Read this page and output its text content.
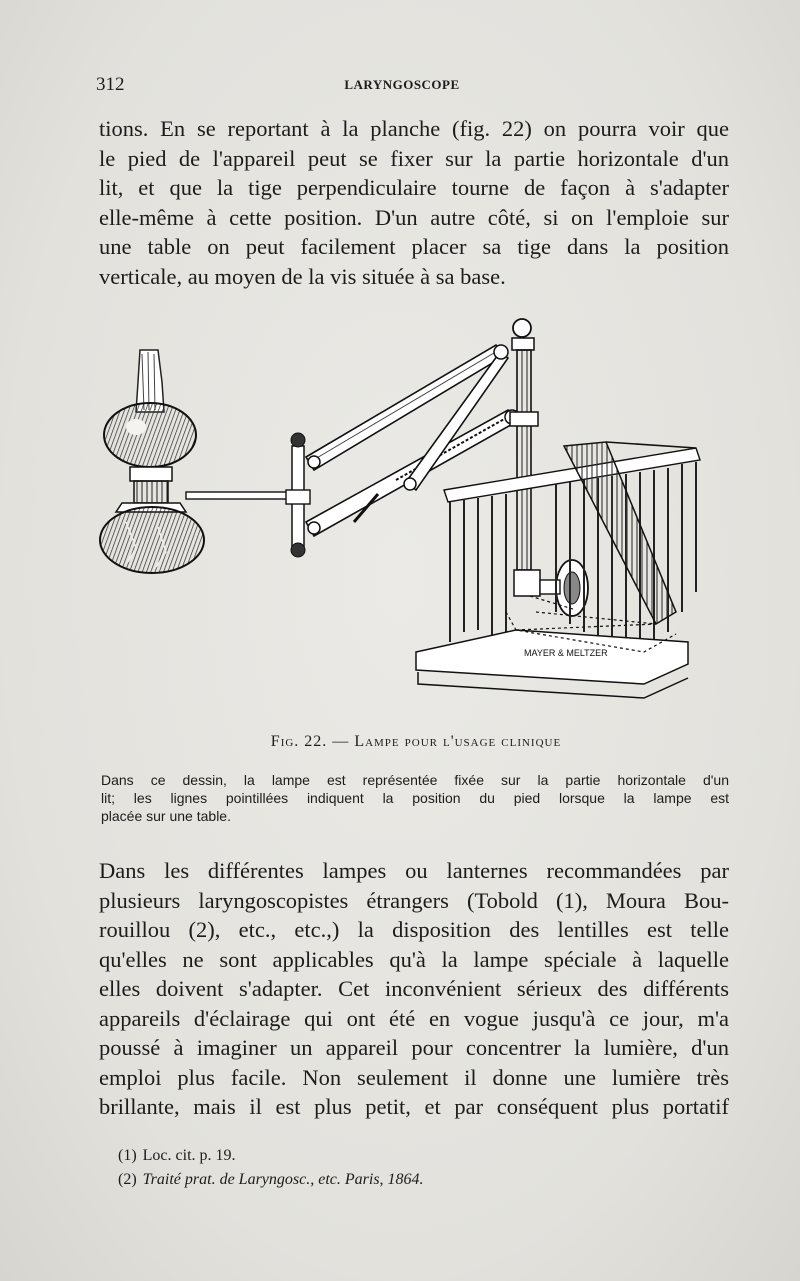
312	LARYNGOSCOPE
tions. En se reportant à la planche (fig. 22) on pourra voir que
le pied de l'appareil peut se fixer sur la partie horizontale d'un
lit, et que la tige perpendiculaire tourne de façon à s'adapter
elle-même à cette position. D'un autre côté, si on l'emploie sur
une table on peut facilement placer sa tige dans la position
verticale, au moyen de la vis située à sa base.
MAYER & MELTZER
Fig. 22. — Lampe pour l'usage clinique
Dans ce dessin, la lampe est représentée fixée sur la partie horizontale d'un
lit; les lignes pointillées indiquent la position du pied lorsque la lampe est
placée sur une table.
Dans les différentes lampes ou lanternes recommandées par
plusieurs laryngoscopistes étrangers (Tobold (1), Moura Bou-
rouillou (2), etc., etc.,) la disposition des lentilles est telle
qu'elles ne sont applicables qu'à la lampe spéciale à laquelle
elles doivent s'adapter. Cet inconvénient sérieux des différents
appareils d'éclairage qui ont été en vogue jusqu'à ce jour, m'a
poussé à imaginer un appareil pour concentrer la lumière, d'un
emploi plus facile. Non seulement il donne une lumière très
brillante, mais il est plus petit, et par conséquent plus portatif
(1) Loc. cit. p. 19.
(2) Traité prat. de Laryngosc., etc. Paris, 1864.
